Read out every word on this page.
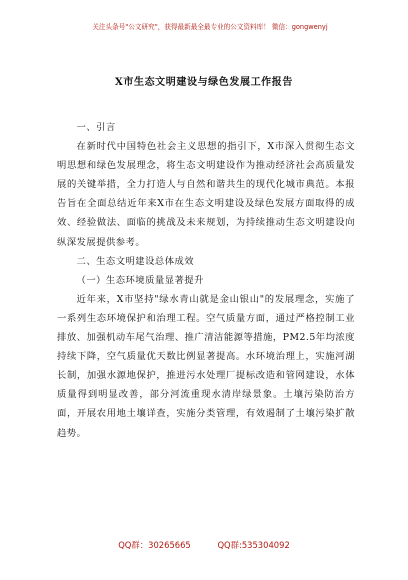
关注头条号"公文研究"，获得最新最全最专业的公文资料库！ 微信：gongwenyj
X市生态文明建设与绿色发展工作报告

一、引言

在新时代中国特色社会主义思想的指引下，X市深入贯彻生态文明思想和绿色发展理念，将生态文明建设作为推动经济社会高质量发展的关键举措，全力打造人与自然和谐共生的现代化城市典范。本报告旨在全面总结近年来X市在生态文明建设及绿色发展方面取得的成效、经验做法、面临的挑战及未来规划，为持续推动生态文明建设向纵深发展提供参考。

二、生态文明建设总体成效

（一）生态环境质量显著提升

近年来，X市坚持"绿水青山就是金山银山"的发展理念，实施了一系列生态环境保护和治理工程。空气质量方面，通过严格控制工业排放、加强机动车尾气治理、推广清洁能源等措施，PM2.5年均浓度持续下降，空气质量优天数比例显著提高。水环境治理上，实施河湖长制，加强水源地保护，推进污水处理厂提标改造和管网建设，水体质量得到明显改善，部分河流重现水清岸绿景象。土壤污染防治方面，开展农用地土壤详查，实施分类管理，有效遏制了土壤污染扩散趋势。

QQ群：30265665	QQ群:535304092
